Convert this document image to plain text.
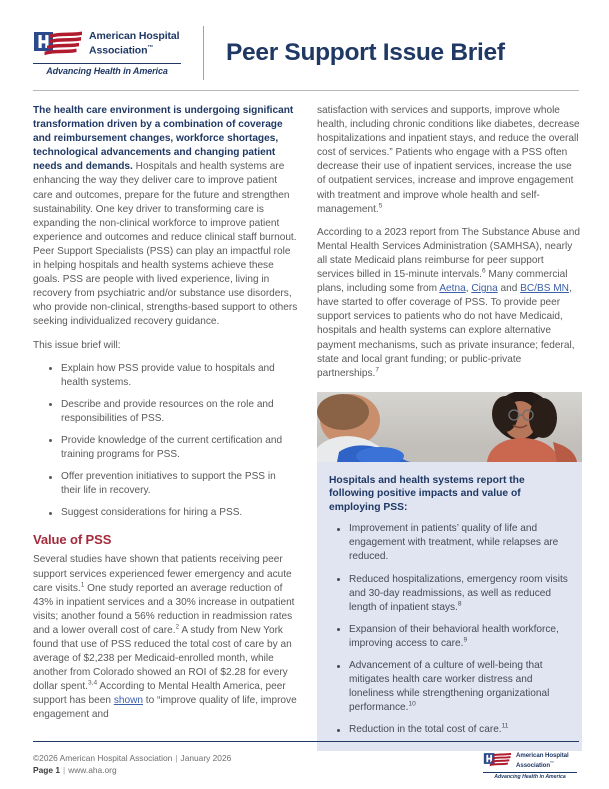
American Hospital
Association™
Advancing Health in America
Peer Support Issue Brief

The health care environment is undergoing significant transformation driven by a combination of coverage and reimbursement changes, workforce shortages, technological advancements and changing patient needs and demands. Hospitals and health systems are enhancing the way they deliver care to improve patient care and outcomes, prepare for the future and strengthen sustainability. One key driver to transforming care is expanding the non-clinical workforce to improve patient experience and outcomes and reduce clinical staff burnout. Peer Support Specialists (PSS) can play an impactful role in helping hospitals and health systems achieve these goals. PSS are people with lived experience, living in recovery from psychiatric and/or substance use disorders, who provide non-clinical, strengths-based support to others seeking individualized recovery guidance.

This issue brief will:

Explain how PSS provide value to hospitals and health systems.
Describe and provide resources on the role and responsibilities of PSS.
Provide knowledge of the current certification and training programs for PSS.
Offer prevention initiatives to support the PSS in their life in recovery.
Suggest considerations for hiring a PSS.
Value of PSS

Several studies have shown that patients receiving peer support services experienced fewer emergency and acute care visits.$^1$ One study reported an average reduction of 43% in inpatient services and a 30% increase in outpatient visits; another found a 56% reduction in readmission rates and a lower overall cost of care.$^2$ A study from New York found that use of PSS reduced the total cost of care by an average of $2,238 per Medicaid-enrolled month, while another from Colorado showed an ROI of $2.28 for every dollar spent.$^{3,4}$ According to Mental Health America, peer support has been shown to “improve quality of life, improve engagement and

satisfaction with services and supports, improve whole health, including chronic conditions like diabetes, decrease hospitalizations and inpatient stays, and reduce the overall cost of services.” Patients who engage with a PSS often decrease their use of inpatient services, increase the use of outpatient services, increase and improve engagement with treatment and improve whole health and self-management.$^5$

According to a 2023 report from The Substance Abuse and Mental Health Services Administration (SAMHSA), nearly all state Medicaid plans reimburse for peer support services billed in 15-minute intervals.$^6$ Many commercial plans, including some from Aetna, Cigna and BC/BS MN, have started to offer coverage of PSS. To provide peer support services to patients who do not have Medicaid, hospitals and health systems can explore alternative payment mechanisms, such as private insurance; federal, state and local grant funding; or public-private partnerships.$^7$

Hospitals and health systems report the following positive impacts and value of employing PSS:
Improvement in patients’ quality of life and engagement with treatment, while relapses are reduced.
Reduced hospitalizations, emergency room visits and 30-day readmissions, as well as reduced length of inpatient stays.$^8$
Expansion of their behavioral health workforce, improving access to care.$^9$
Advancement of a culture of well-being that mitigates health care worker distress and loneliness while strengthening organizational performance.$^{10}$
Reduction in the total cost of care.$^{11}$
©2026 American Hospital Association | January 2026
Page 1 | www.aha.org
American Hospital
Association™
Advancing Health in America
